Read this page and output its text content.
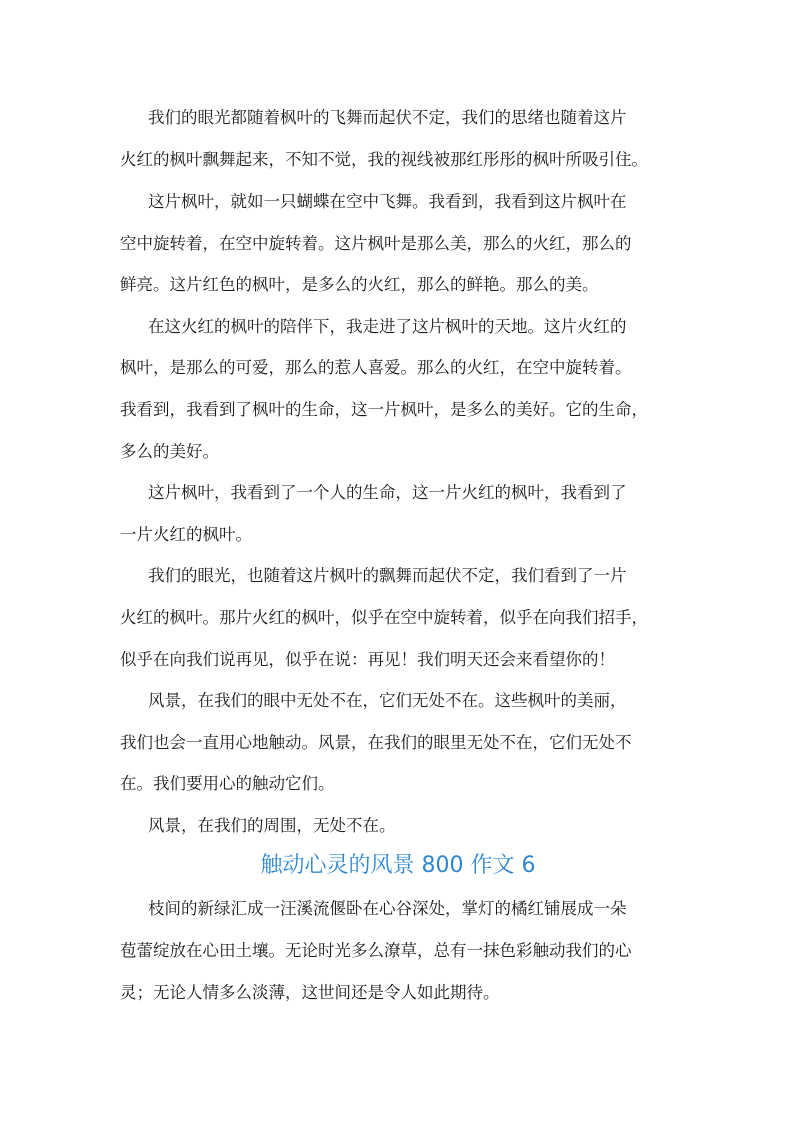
我们的眼光都随着枫叶的飞舞而起伏不定，我们的思绪也随着这片
火红的枫叶飘舞起来，不知不觉，我的视线被那红彤彤的枫叶所吸引住。
这片枫叶，就如一只蝴蝶在空中飞舞。我看到，我看到这片枫叶在
空中旋转着，在空中旋转着。这片枫叶是那么美，那么的火红，那么的
鲜亮。这片红色的枫叶，是多么的火红，那么的鲜艳。那么的美。
在这火红的枫叶的陪伴下，我走进了这片枫叶的天地。这片火红的
枫叶，是那么的可爱，那么的惹人喜爱。那么的火红，在空中旋转着。
我看到，我看到了枫叶的生命，这一片枫叶，是多么的美好。它的生命，
多么的美好。
这片枫叶，我看到了一个人的生命，这一片火红的枫叶，我看到了
一片火红的枫叶。
我们的眼光，也随着这片枫叶的飘舞而起伏不定，我们看到了一片
火红的枫叶。那片火红的枫叶，似乎在空中旋转着，似乎在向我们招手，
似乎在向我们说再见，似乎在说：再见！我们明天还会来看望你的！
风景，在我们的眼中无处不在，它们无处不在。这些枫叶的美丽，
我们也会一直用心地触动。风景，在我们的眼里无处不在，它们无处不
在。我们要用心的触动它们。
风景，在我们的周围，无处不在。
触动心灵的风景 800 作文 6
枝间的新绿汇成一汪溪流偃卧在心谷深处，掌灯的橘红铺展成一朵
苞蕾绽放在心田土壤。无论时光多么潦草，总有一抹色彩触动我们的心
灵；无论人情多么淡薄，这世间还是令人如此期待。
